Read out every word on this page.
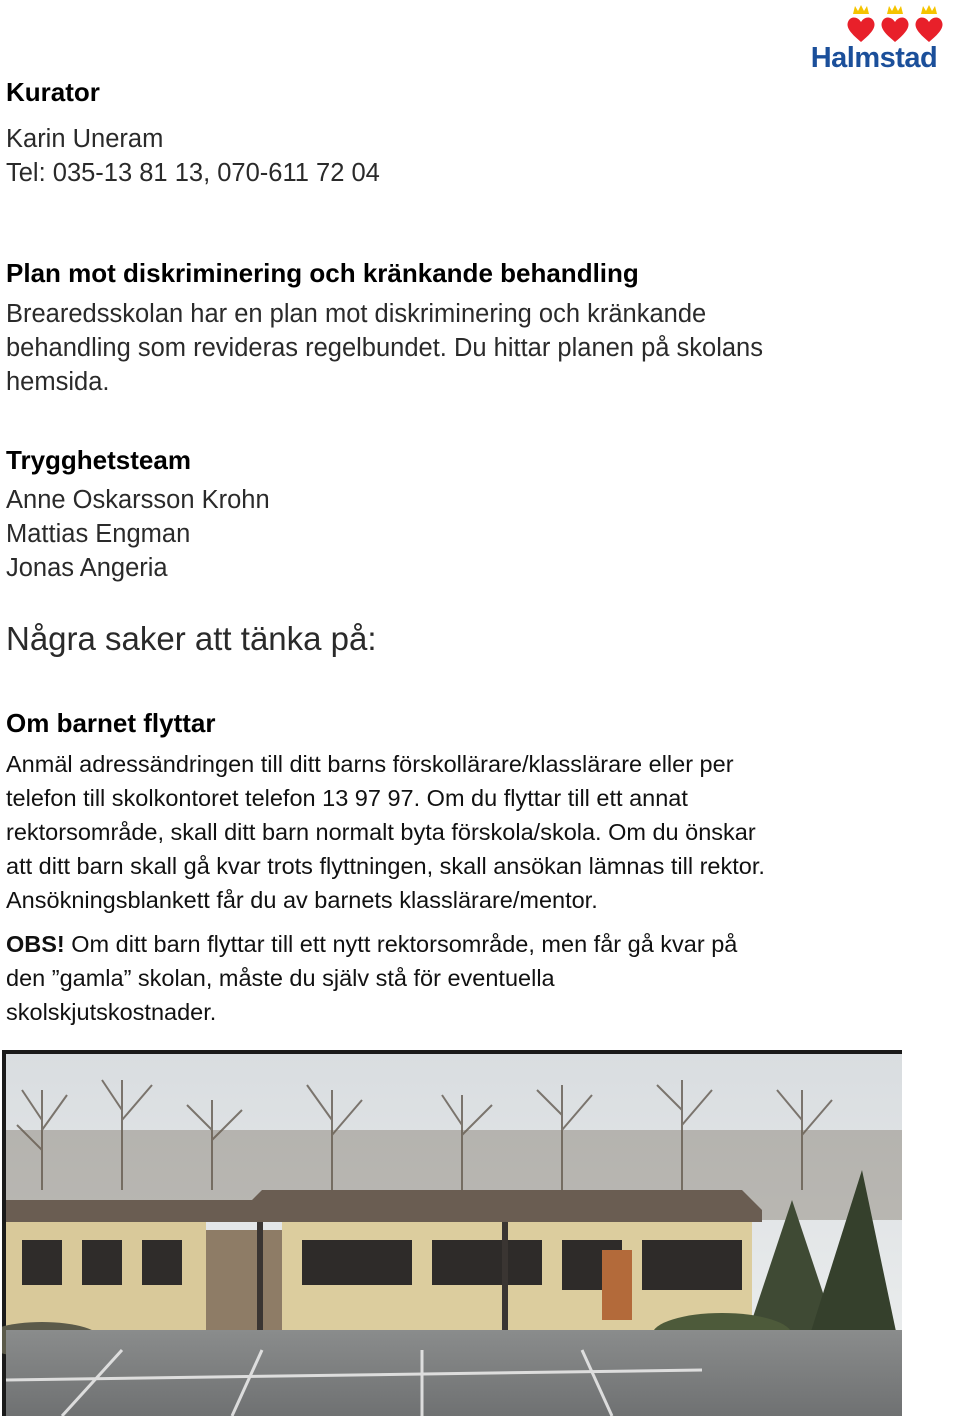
Halmstad
Kurator
Karin Uneram
Tel: 035-13 81 13, 070-611 72 04
Plan mot diskriminering och kränkande behandling
Brearedsskolan har en plan mot diskriminering och kränkande
behandling som revideras regelbundet. Du hittar planen på skolans
hemsida.
Trygghetsteam
Anne Oskarsson Krohn
Mattias Engman
Jonas Angeria
Några saker att tänka på:
Om barnet flyttar
Anmäl adressändringen till ditt barns förskollärare/klasslärare eller per
telefon till skolkontoret telefon 13 97 97. Om du flyttar till ett annat
rektorsområde, skall ditt barn normalt byta förskola/skola. Om du önskar
att ditt barn skall gå kvar trots flyttningen, skall ansökan lämnas till rektor.
Ansökningsblankett får du av barnets klasslärare/mentor.
OBS! Om ditt barn flyttar till ett nytt rektorsområde, men får gå kvar på
den ”gamla” skolan, måste du själv stå för eventuella
skolskjutskostnader.
